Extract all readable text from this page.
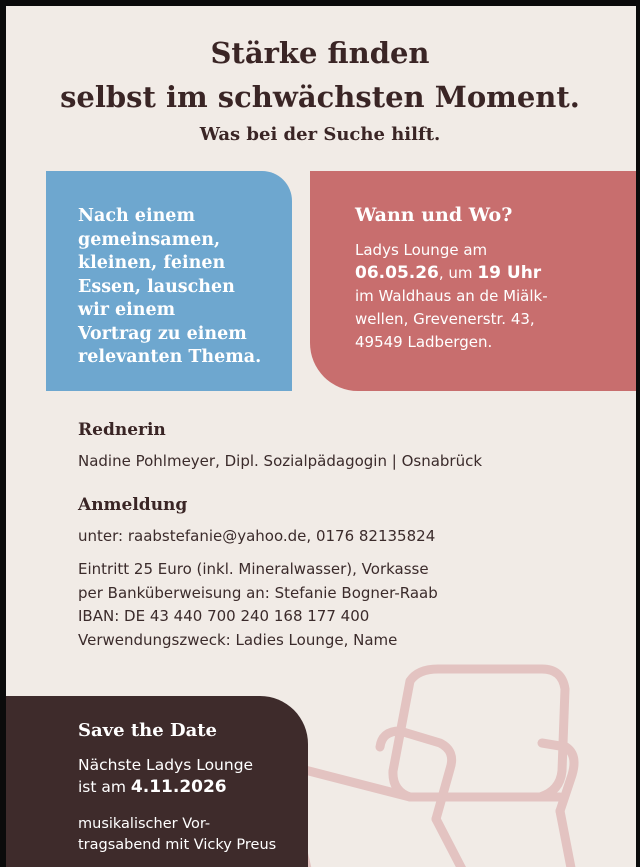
Stärke finden
selbst im schwächsten Moment.
Was bei der Suche hilft.
Nach einem
gemeinsamen,
kleinen, feinen
Essen, lauschen
wir einem
Vortrag zu einem
relevanten Thema.
Wann und Wo?
Ladys Lounge am
06.05.26, um 19 Uhr
im Waldhaus an de Miälk-
wellen, Grevenerstr. 43,
49549 Ladbergen.
Rednerin
Nadine Pohlmeyer, Dipl. Sozialpädagogin | Osnabrück
Anmeldung
unter: raabstefanie@yahoo.de, 0176 82135824
Eintritt 25 Euro (inkl. Mineralwasser), Vorkasse
per Banküberweisung an: Stefanie Bogner-Raab
IBAN: DE 43 440 700 240 168 177 400
Verwendungszweck: Ladies Lounge, Name
Save the Date
Nächste Ladys Lounge
ist am 4.11.2026
musikalischer Vor-
tragsabend mit Vicky Preus
